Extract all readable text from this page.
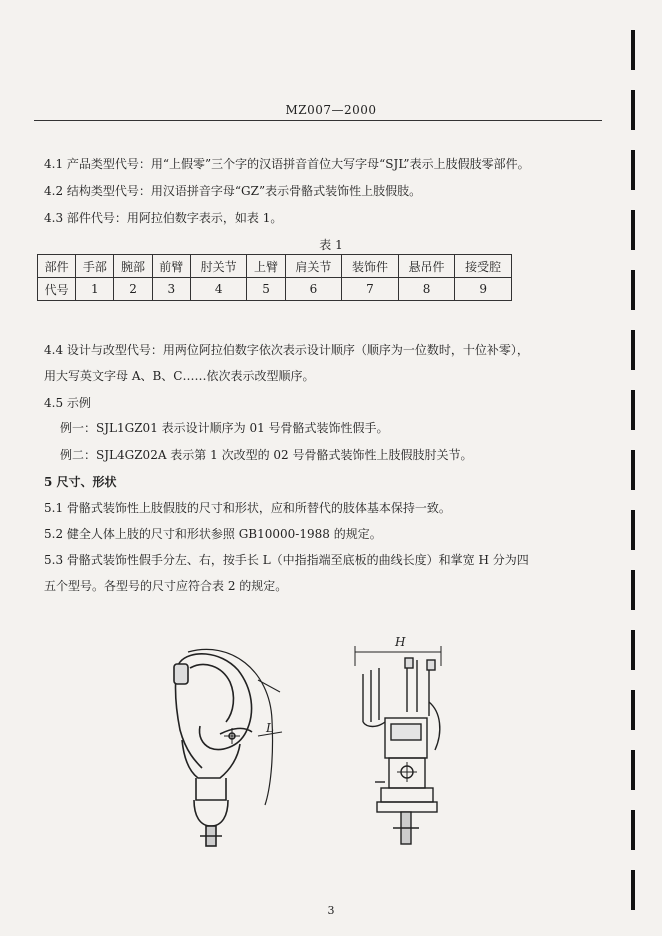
MZ007—2000
4.1 产品类型代号：用“上假零”三个字的汉语拼音首位大写字母“SJL”表示上肢假肢零部件。
4.2 结构类型代号：用汉语拼音字母“GZ”表示骨骼式装饰性上肢假肢。
4.3 部件代号：用阿拉伯数字表示，如表 1。
表 1
部件	手部	腕部	前臂	肘关节	上臂	肩关节	装饰件	悬吊件	接受腔
代号	1	2	3	4	5	6	7	8	9
4.4 设计与改型代号：用两位阿拉伯数字依次表示设计顺序（顺序为一位数时，十位补零），
用大写英文字母 A、B、C……依次表示改型顺序。
4.5 示例
例一：SJL1GZ01 表示设计顺序为 01 号骨骼式装饰性假手。
例二：SJL4GZ02A 表示第 1 次改型的 02 号骨骼式装饰性上肢假肢肘关节。
5 尺寸、形状
5.1 骨骼式装饰性上肢假肢的尺寸和形状，应和所替代的肢体基本保持一致。
5.2 健全人体上肢的尺寸和形状参照 GB10000-1988 的规定。
5.3 骨骼式装饰性假手分左、右，按手长 L（中指指端至底板的曲线长度）和掌宽 H 分为四
五个型号。各型号的尺寸应符合表 2 的规定。
L
H
3
